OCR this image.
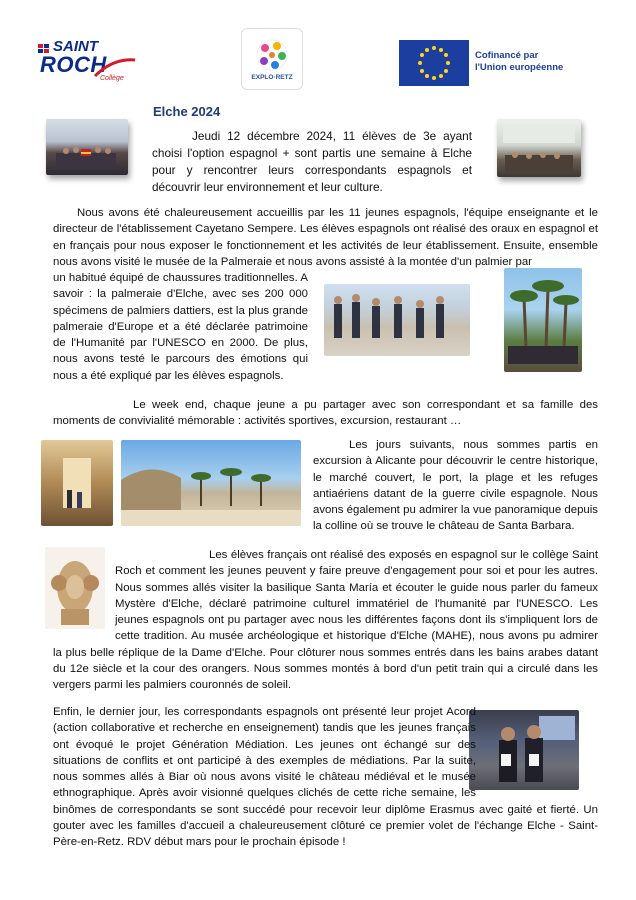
SAINT
ROCH
Collège	EXPLO·RETZ
Cofinancé par
l'Union européenne
Elche 2024

Jeudi 12 décembre 2024, 11 élèves de 3e ayant choisi l'option espagnol + sont partis une semaine à Elche pour y rencontrer leurs correspondants espagnols et découvrir leur environnement et leur culture.

Nous avons été chaleureusement accueillis par les 11 jeunes espagnols, l'équipe enseignante et le directeur de l'établissement Cayetano Sempere. Les élèves espagnols ont réalisé des oraux en espagnol et en français pour nous exposer le fonctionnement et les activités de leur établissement. Ensuite, ensemble nous avons visité le musée de la Palmeraie et nous avons assisté à la montée d'un palmier par

un habitué équipé de chaussures traditionnelles. A savoir : la palmeraie d'Elche, avec ses 200 000 spécimens de palmiers dattiers, est la plus grande palmeraie d'Europe et a été déclarée patrimoine de l'Humanité par l'UNESCO en 2000. De plus, nous avons testé le parcours des émotions qui nous a été expliqué par les élèves espagnols.

Le week end, chaque jeune a pu partager avec son correspondant et sa famille des moments de convivialité mémorable : activités sportives, excursion, restaurant …

Les jours suivants, nous sommes partis en excursion à Alicante pour découvrir le centre historique, le marché couvert, le port, la plage et les refuges antiaériens datant de la guerre civile espagnole. Nous avons également pu admirer la vue panoramique depuis la colline où se trouve le château de Santa Barbara.

Les élèves français ont réalisé des exposés en espagnol sur le collège Saint Roch et comment les jeunes peuvent y faire preuve d'engagement pour soi et pour les autres. Nous sommes allés visiter la basilique Santa María et écouter le guide nous parler du fameux Mystère d'Elche, déclaré patrimoine culturel immatériel de l'humanité par l'UNESCO. Les jeunes espagnols ont pu partager avec nous les différentes façons dont ils s'impliquent lors de cette tradition. Au musée archéologique et historique d'Elche (MAHE), nous avons pu admirer la plus belle réplique de la Dame d'Elche. Pour clôturer nous sommes entrés dans les bains arabes datant du 12e siècle et la cour des orangers. Nous sommes montés à bord d'un petit train qui a circulé dans les vergers parmi les palmiers couronnés de soleil.

Enfin, le dernier jour, les correspondants espagnols ont présenté leur projet Acord (action collaborative et recherche en enseignement) tandis que les jeunes français ont évoqué le projet Génération Médiation. Les jeunes ont échangé sur des situations de conflits et ont participé à des exemples de médiations. Par la suite, nous sommes allés à Biar où nous avons visité le château médiéval et le musée ethnographique. Après avoir visionné quelques clichés de cette riche semaine, les binômes de correspondants se sont succédé pour recevoir leur diplôme Erasmus avec gaité et fierté. Un gouter avec les familles d'accueil a chaleureusement clôturé ce premier volet de l'échange Elche - Saint-Père-en-Retz. RDV début mars pour le prochain épisode !
